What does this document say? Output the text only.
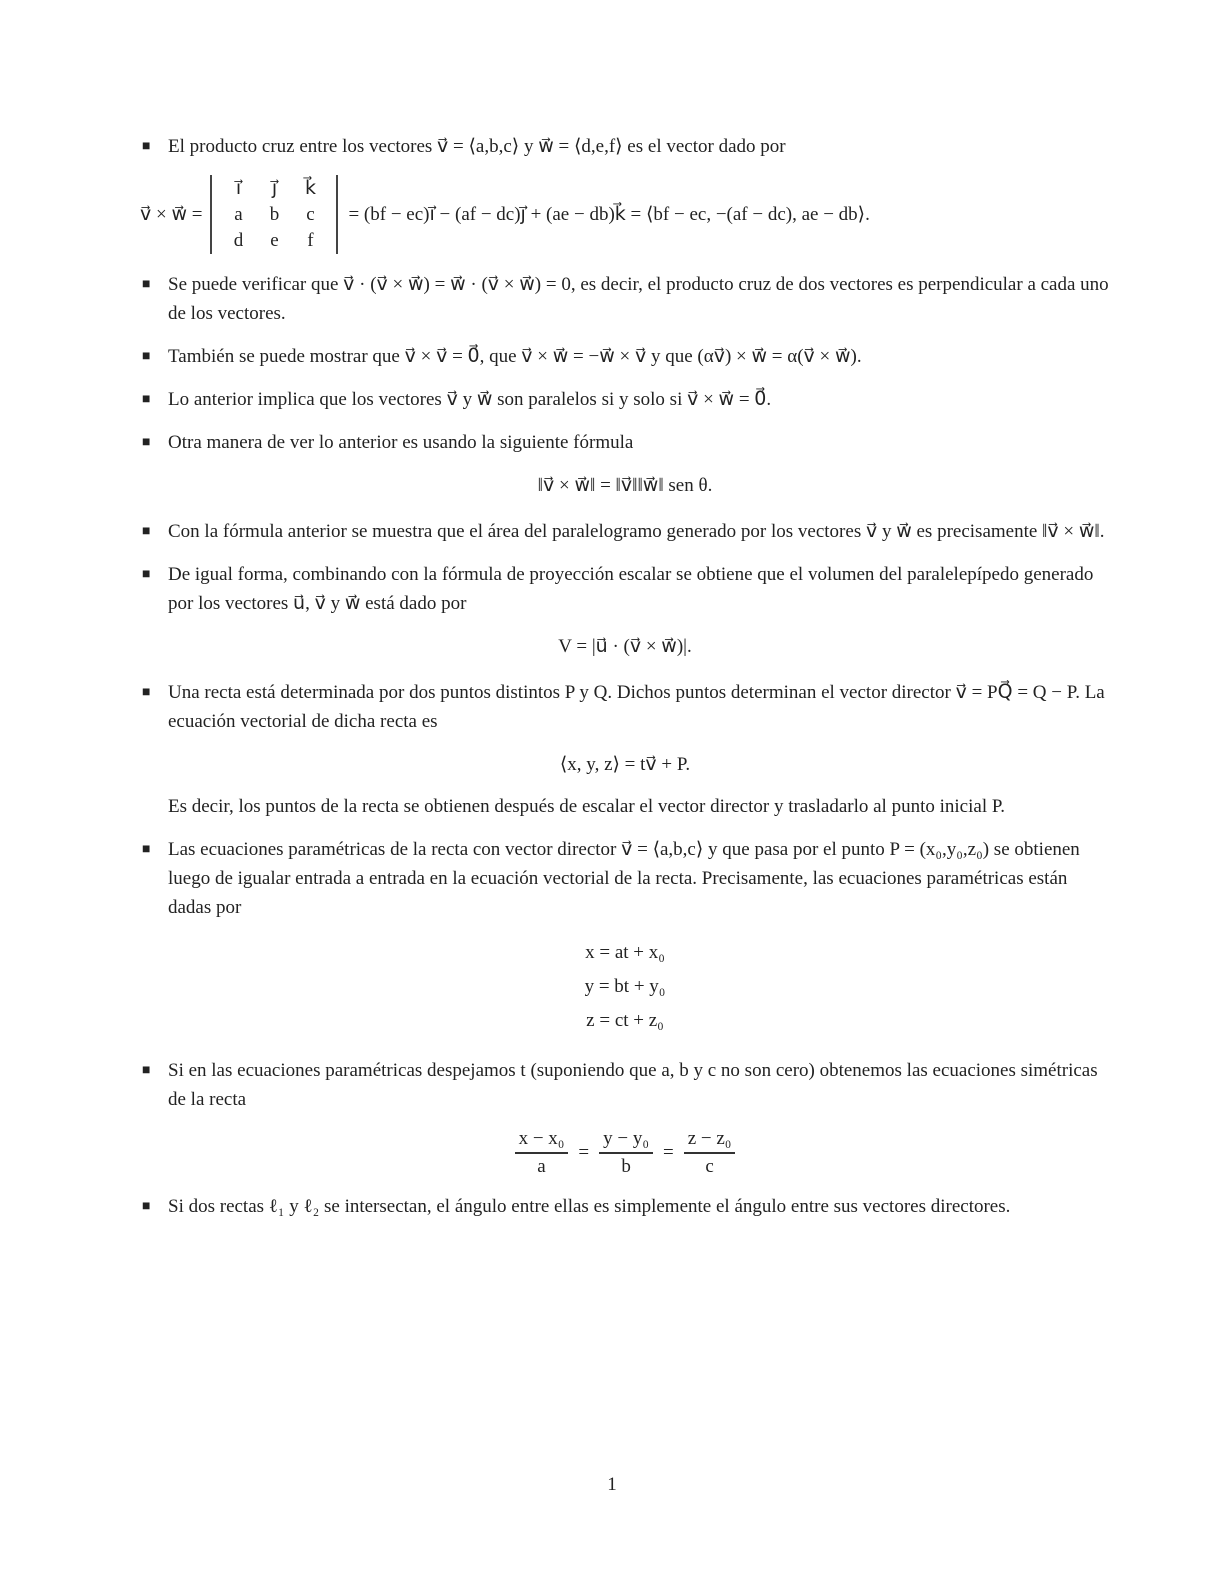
■ El producto cruz entre los vectores v⃗ = ⟨a,b,c⟩ y w⃗ = ⟨d,e,f⟩ es el vector dado por
v⃗ × w⃗ =
i⃗	j⃗	k⃗
a	b	c
d	e	f
= (bf − ec)i⃗ − (af − dc)j⃗ + (ae − db)k⃗ = ⟨bf − ec, −(af − dc), ae − db⟩.
■ Se puede verificar que v⃗ · (v⃗ × w⃗) = w⃗ · (v⃗ × w⃗) = 0, es decir, el producto cruz de dos vectores es perpendicular a cada uno de los vectores.
■ También se puede mostrar que v⃗ × v⃗ = 0⃗, que v⃗ × w⃗ = −w⃗ × v⃗ y que (αv⃗) × w⃗ = α(v⃗ × w⃗).
■ Lo anterior implica que los vectores v⃗ y w⃗ son paralelos si y solo si v⃗ × w⃗ = 0⃗.
■ Otra manera de ver lo anterior es usando la siguiente fórmula
‖v⃗ × w⃗‖ = ‖v⃗‖‖w⃗‖ sen θ.
■ Con la fórmula anterior se muestra que el área del paralelogramo generado por los vectores v⃗ y w⃗ es precisamente ‖v⃗ × w⃗‖.
■ De igual forma, combinando con la fórmula de proyección escalar se obtiene que el volumen del paralelepípedo generado por los vectores u⃗, v⃗ y w⃗ está dado por
V = |u⃗ · (v⃗ × w⃗)|.
■ Una recta está determinada por dos puntos distintos P y Q. Dichos puntos determinan el vector director v⃗ = PQ⃗ = Q − P. La ecuación vectorial de dicha recta es
⟨x, y, z⟩ = tv⃗ + P.
Es decir, los puntos de la recta se obtienen después de escalar el vector director y trasladarlo al punto inicial P.
■ Las ecuaciones paramétricas de la recta con vector director v⃗ = ⟨a,b,c⟩ y que pasa por el punto P = (x₀,y₀,z₀) se obtienen luego de igualar entrada a entrada en la ecuación vectorial de la recta. Precisamente, las ecuaciones paramétricas están dadas por
x = at + x₀
y = bt + y₀
z = ct + z₀
■ Si en las ecuaciones paramétricas despejamos t (suponiendo que a, b y c no son cero) obtenemos las ecuaciones simétricas de la recta
$\frac{\text{x − x₀}}{a} = \frac{\text{y − y₀}}{b} = \frac{\text{z − z₀}}{c}$
■ Si dos rectas ℓ₁ y ℓ₂ se intersectan, el ángulo entre ellas es simplemente el ángulo entre sus vectores directores.
1
